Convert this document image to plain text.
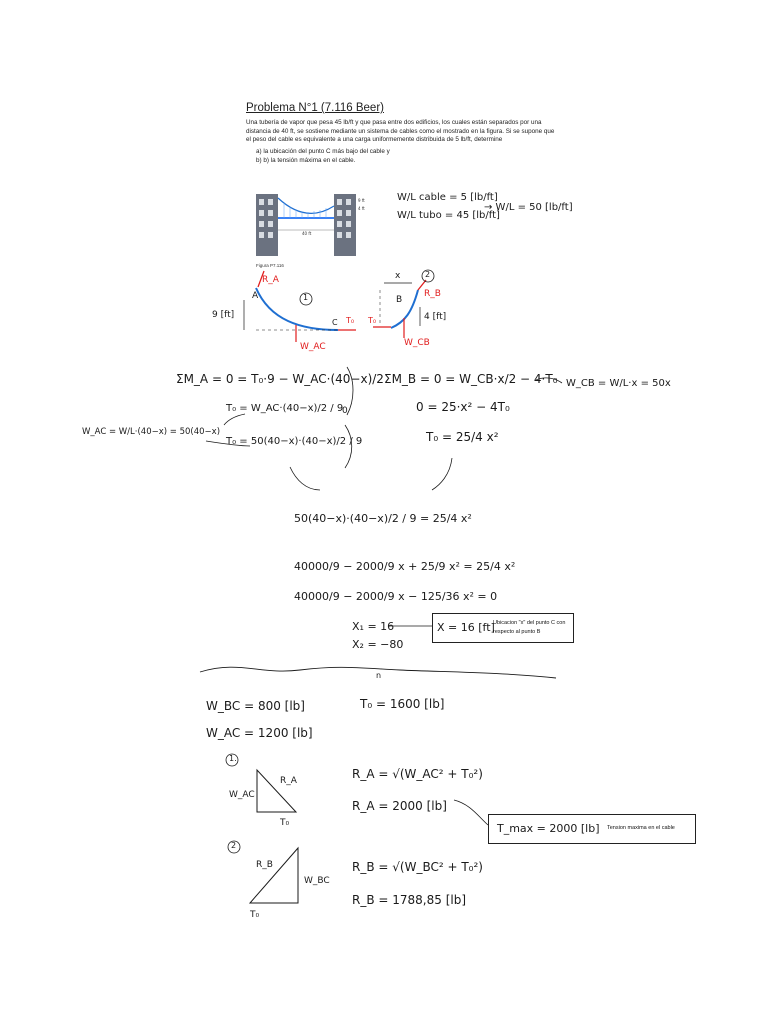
Problema N°1 (7.116 Beer)

Una tubería de vapor que pesa 45 lb/ft y que pasa entre dos edificios, los cuales están separados por una distancia de 40 ft, se sostiene mediante un sistema de cables como el mostrado en la figura. Si se supone que el peso del cable es equivalente a una carga uniformemente distribuida de 5 lb/ft, determine

a) la ubicación del punto C más bajo del cable y
b) b) la tensión máxima en el cable.
40 ft
9 ft
4 ft
Figura P7.116
W/L cable = 5 [lb/ft]
W/L tubo = 45 [lb/ft]
→ W/L = 50 [lb/ft]
A
R_A
C T₀ T₀
B
R_B
W_AC	W_CB
9 [ft]	4 [ft]
x
1
2
ΣM_A = 0 = T₀·9 − W_AC·(40−x)/2 ΣM_B = 0 = W_CB·x/2 − 4·T₀ W_CB = W/L·x = 50x
T₀ = W_AC·(40−x)/2 / 9	0 = 25·x² − 4T₀
0
W_AC = W/L·(40−x) = 50(40−x)
T₀ = 50(40−x)·(40−x)/2 / 9	T₀ = 25/4 x²
50(40−x)·(40−x)/2 / 9 = 25/4 x²
40000/9 − 2000/9 x + 25/9 x² = 25/4 x²
40000/9 − 2000/9 x − 125/36 x² = 0
X₁ = 16
X₂ = −80
X = 16 [ft]
Ubicacion "x" del punto C con respecto al punto B
n
W_BC = 800 [lb]	T₀ = 1600 [lb]
W_AC = 1200 [lb]
1.
W_AC
R_A
T₀
R_A = √(W_AC² + T₀²)
R_A = 2000 [lb]
T_max = 2000 [lb] Tension maxima en el cable
2
R_B
W_BC
T₀
R_B = √(W_BC² + T₀²)
R_B = 1788,85 [lb]
